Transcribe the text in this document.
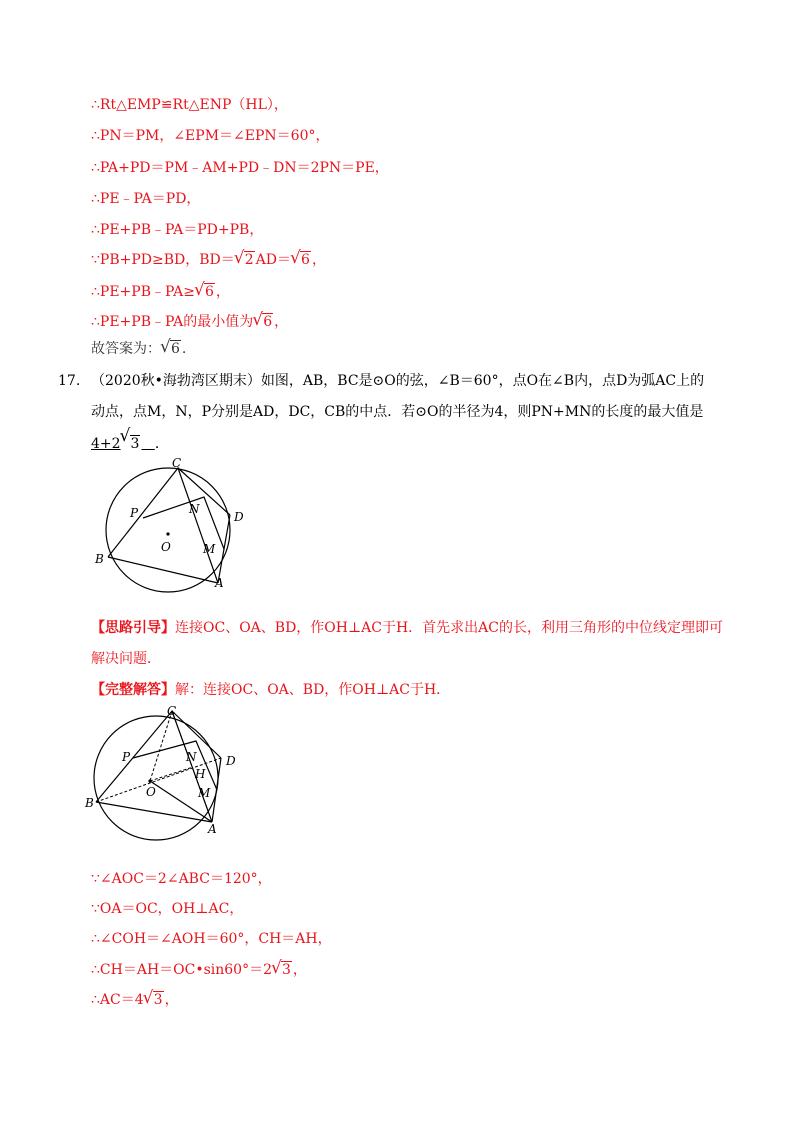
∴Rt△EMP≌Rt△ENP（HL），
∴PN＝PM，∠EPM＝∠EPN＝60°，
∴PA+PD＝PM﹣AM+PD﹣DN＝2PN＝PE，
∴PE﹣PA＝PD，
∴PE+PB﹣PA＝PD+PB，
∵PB+PD≥BD，BD＝ √ 2 AD＝ √ 6 ，
∴PE+PB﹣PA≥ √ 6 ，
∴PE+PB﹣PA的最小值为 √ 6 ，
故答案为： √ 6 .
17. （2020秋•海勃湾区期末）如图，AB，BC是⊙O的弦，∠B＝60°，点O在∠B内，点D为弧AC上的
动点，点M，N，P分别是AD，DC，CB的中点．若⊙O的半径为4，则PN+MN的长度的最大值是
4+2 √ 3 ．
C
P	N
D
O	M
B
A
【思路引导】连接OC、OA、BD，作OH⊥AC于H．首先求出AC的长，利用三角形的中位线定理即可
解决问题．
【完整解答】解：连接OC、OA、BD，作OH⊥AC于H．
C
P	N
H
D
O	M
B
A
∵∠AOC＝2∠ABC＝120°，
∵OA＝OC，OH⊥AC，
∴∠COH＝∠AOH＝60°，CH＝AH，
∴CH＝AH＝OC•sin60°＝2 √ 3 ，
∴AC＝4 √ 3 ，
